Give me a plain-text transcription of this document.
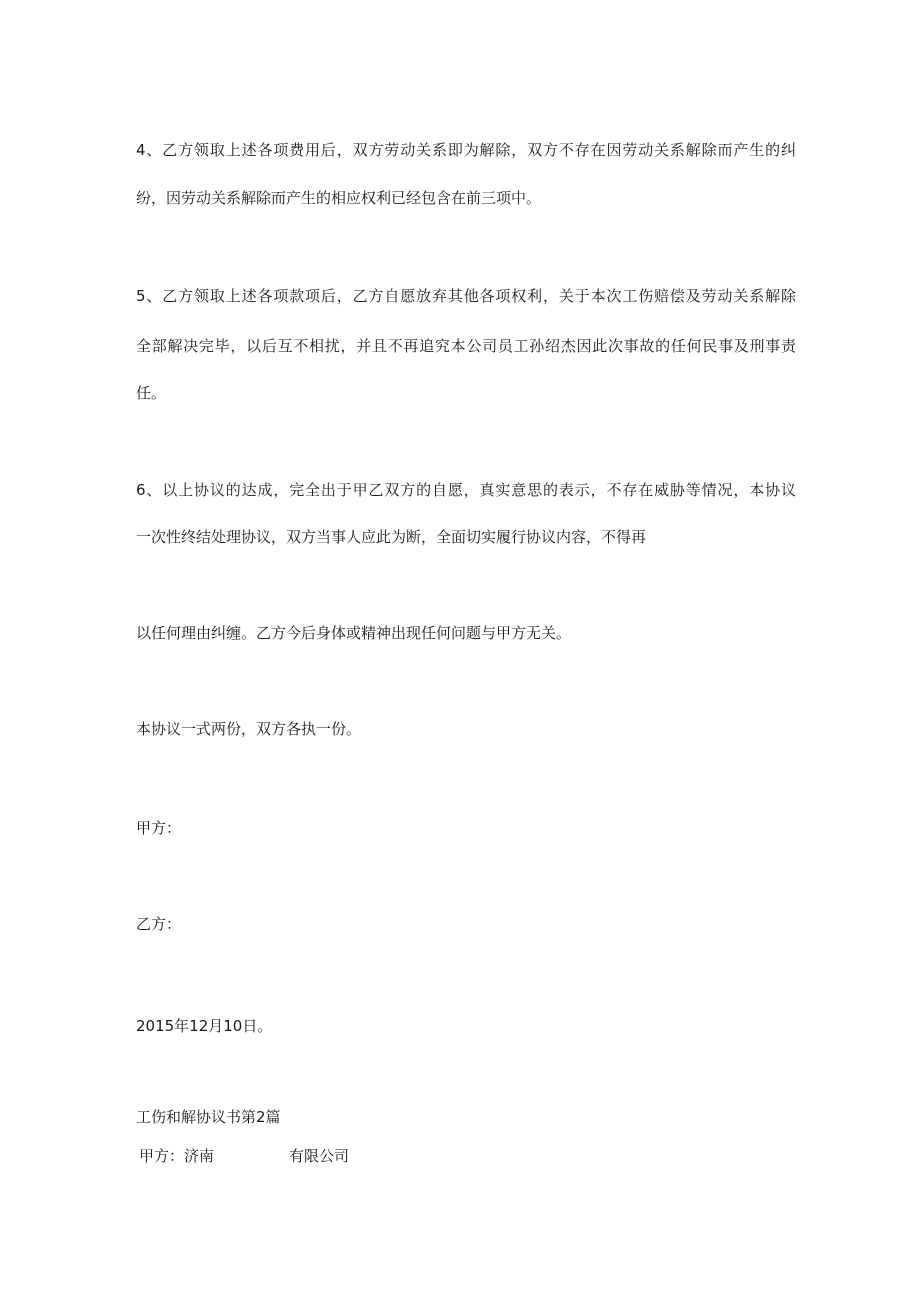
4、乙方领取上述各项费用后，双方劳动关系即为解除，双方不存在因劳动关系解除而产生的纠
纷，因劳动关系解除而产生的相应权利已经包含在前三项中。
5、乙方领取上述各项款项后，乙方自愿放弃其他各项权利，关于本次工伤赔偿及劳动关系解除
全部解决完毕，以后互不相扰，并且不再追究本公司员工孙绍杰因此次事故的任何民事及刑事责
任。
6、以上协议的达成，完全出于甲乙双方的自愿，真实意思的表示，不存在威胁等情况，本协议
一次性终结处理协议，双方当事人应此为断，全面切实履行协议内容，不得再
以任何理由纠缠。乙方今后身体或精神出现任何问题与甲方无关。
本协议一式两份，双方各执一份。
甲方：
乙方：
2015年12月10日。
工伤和解协议书第2篇
甲方：济南　　　　　有限公司
